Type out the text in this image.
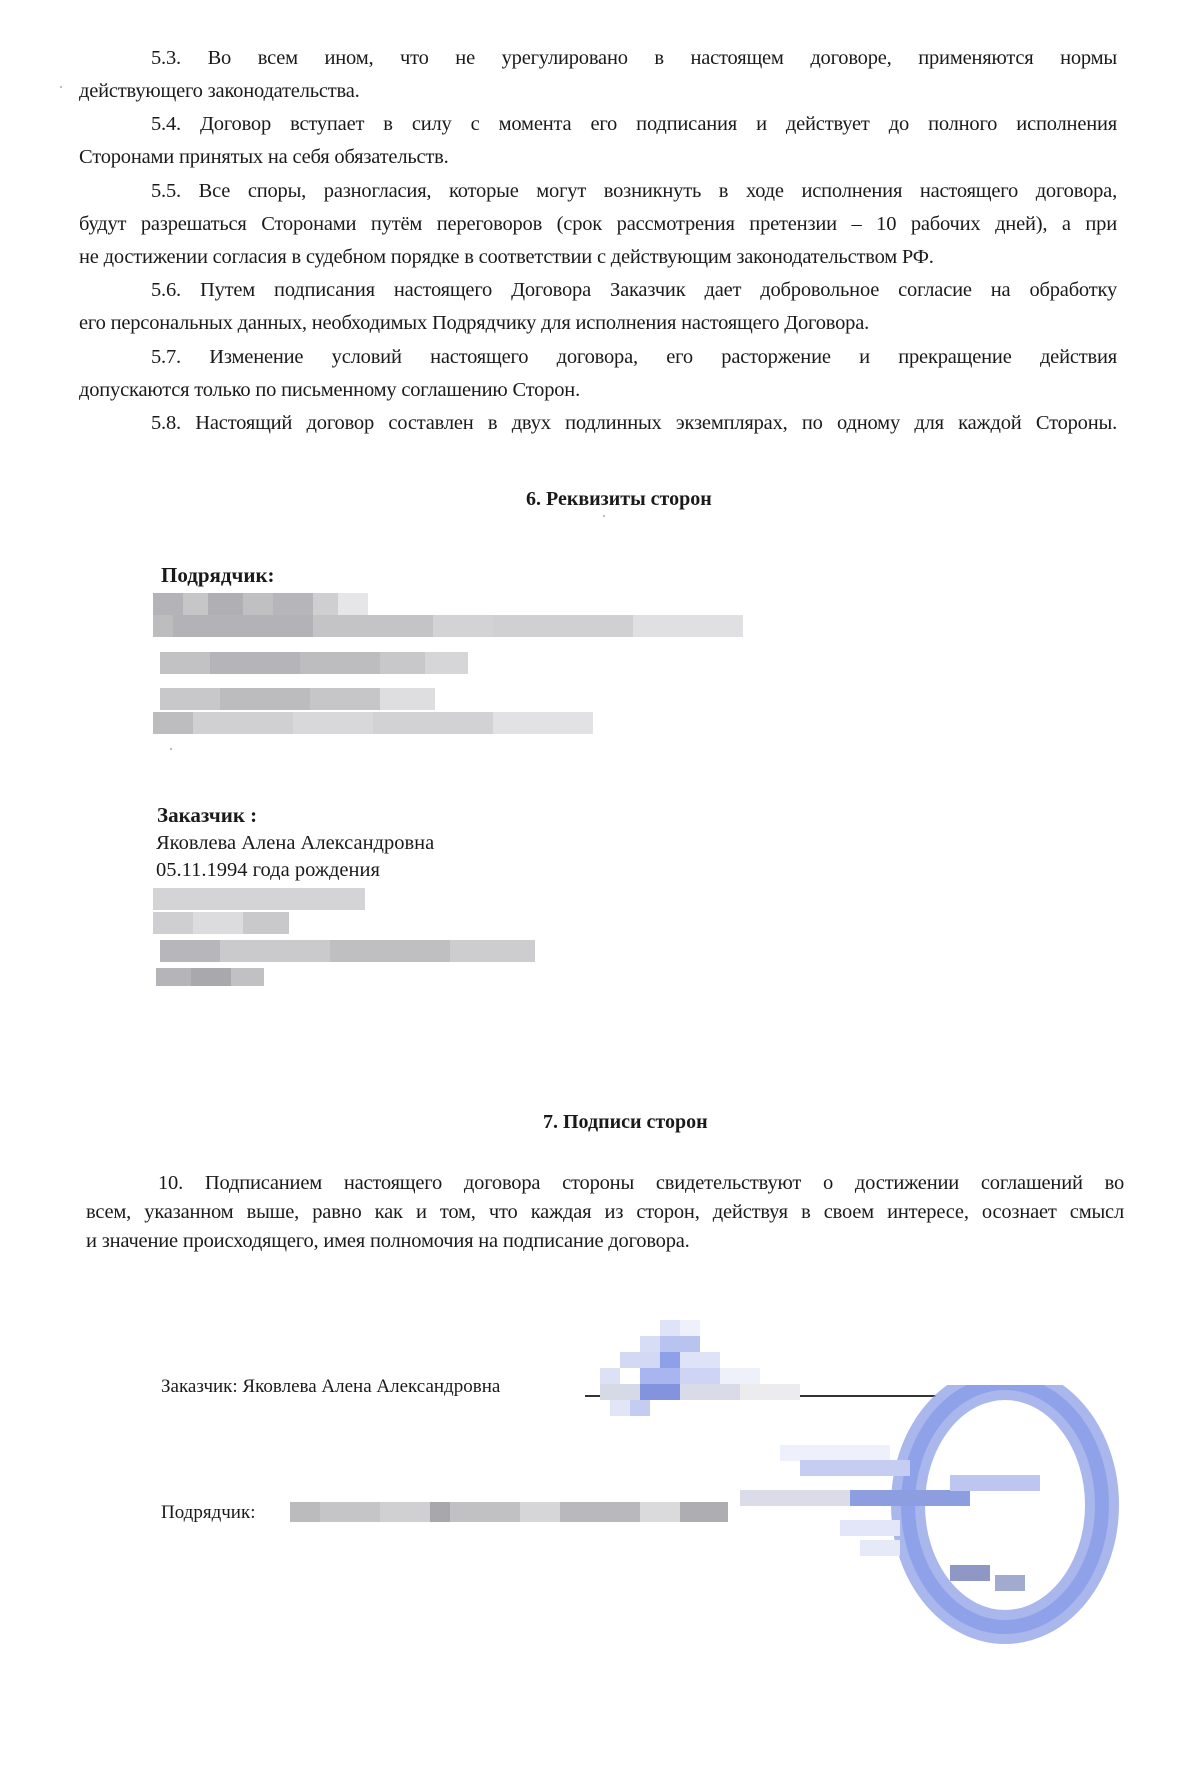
5.3. Во всем ином, что не урегулировано в настоящем договоре, применяются нормы
действующего законодательства.
5.4. Договор вступает в силу с момента его подписания и действует до полного исполнения
Сторонами принятых на себя обязательств.
5.5. Все споры, разногласия, которые могут возникнуть в ходе исполнения настоящего договора,
будут разрешаться Сторонами путём переговоров (срок рассмотрения претензии – 10 рабочих дней), а при
не достижении согласия в судебном порядке в соответствии с действующим законодательством РФ.
5.6. Путем подписания настоящего Договора Заказчик дает добровольное согласие на обработку
его персональных данных, необходимых Подрядчику для исполнения настоящего Договора.
5.7. Изменение условий настоящего договора, его расторжение и прекращение действия
допускаются только по письменному соглашению Сторон.
5.8. Настоящий договор составлен в двух подлинных экземплярах, по одному для каждой Стороны.
6. Реквизиты сторон
Подрядчик:
Заказчик :
Яковлева Алена Александровна
05.11.1994 года рождения
7. Подписи сторон
10. Подписанием настоящего договора стороны свидетельствуют о достижении соглашений во
всем, указанном выше, равно как и том, что каждая из сторон, действуя в своем интересе, осознает смысл
и значение происходящего, имея полномочия на подписание договора.
Заказчик: Яковлева Алена Александровна
Подрядчик:
